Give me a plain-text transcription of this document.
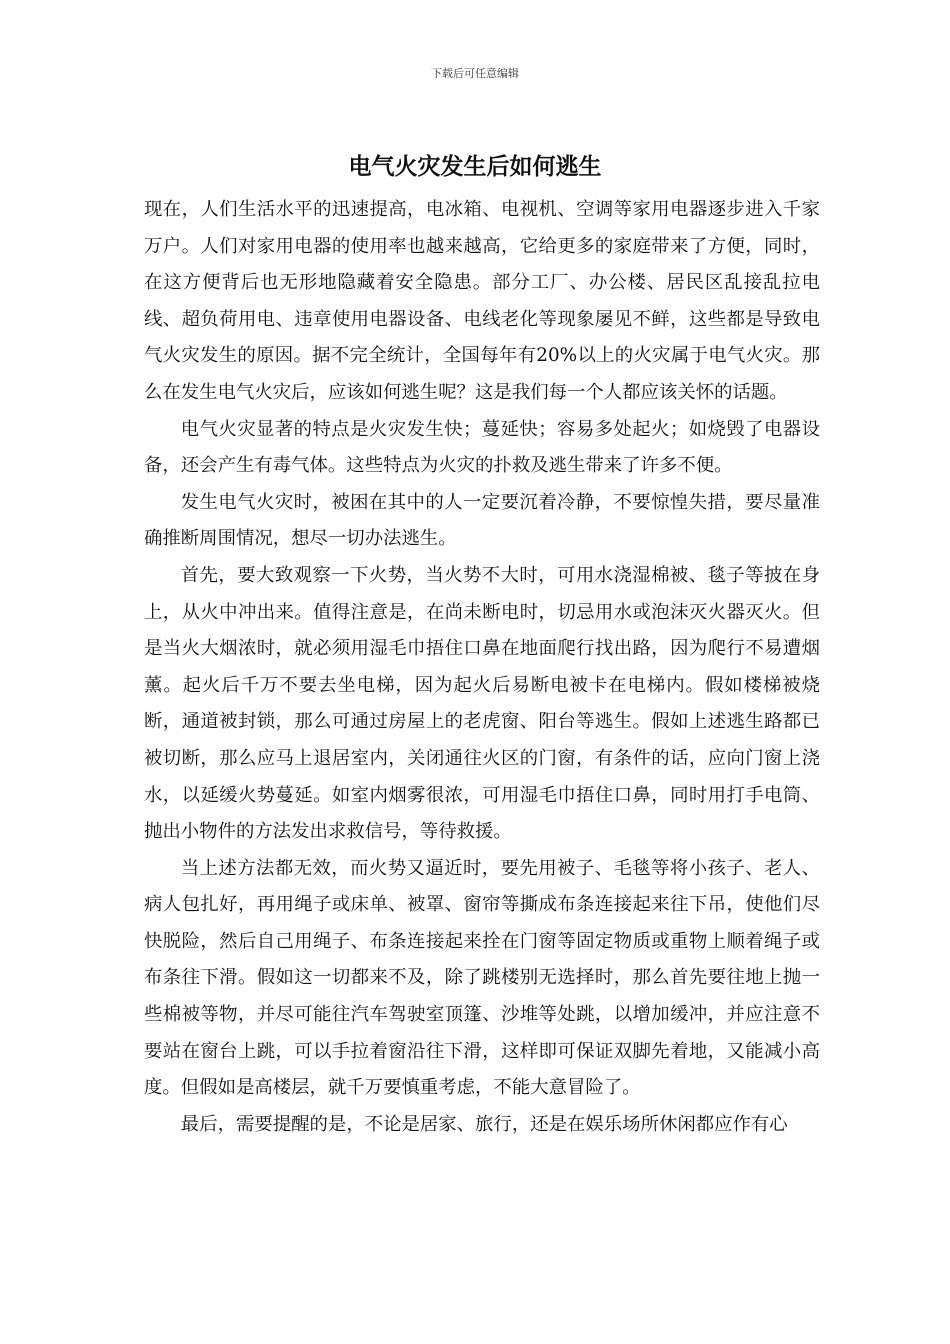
下载后可任意编辑
电气火灾发生后如何逃生

现在，人们生活水平的迅速提高，电冰箱、电视机、空调等家用电器逐步进入千家万户。人们对家用电器的使用率也越来越高，它给更多的家庭带来了方便，同时，在这方便背后也无形地隐藏着安全隐患。部分工厂、办公楼、居民区乱接乱拉电线、超负荷用电、违章使用电器设备、电线老化等现象屡见不鲜，这些都是导致电气火灾发生的原因。据不完全统计，全国每年有20%以上的火灾属于电气火灾。那么在发生电气火灾后，应该如何逃生呢？这是我们每一个人都应该关怀的话题。

电气火灾显著的特点是火灾发生快；蔓延快；容易多处起火；如烧毁了电器设备，还会产生有毒气体。这些特点为火灾的扑救及逃生带来了许多不便。

发生电气火灾时，被困在其中的人一定要沉着冷静，不要惊惶失措，要尽量准确推断周围情况，想尽一切办法逃生。

首先，要大致观察一下火势，当火势不大时，可用水浇湿棉被、毯子等披在身上，从火中冲出来。值得注意是，在尚未断电时，切忌用水或泡沫灭火器灭火。但是当火大烟浓时，就必须用湿毛巾捂住口鼻在地面爬行找出路，因为爬行不易遭烟薰。起火后千万不要去坐电梯，因为起火后易断电被卡在电梯内。假如楼梯被烧断，通道被封锁，那么可通过房屋上的老虎窗、阳台等逃生。假如上述逃生路都已被切断，那么应马上退居室内，关闭通往火区的门窗，有条件的话，应向门窗上浇水，以延缓火势蔓延。如室内烟雾很浓，可用湿毛巾捂住口鼻，同时用打手电筒、抛出小物件的方法发出求救信号，等待救援。

当上述方法都无效，而火势又逼近时，要先用被子、毛毯等将小孩子、老人、病人包扎好，再用绳子或床单、被罩、窗帘等撕成布条连接起来往下吊，使他们尽快脱险，然后自己用绳子、布条连接起来拴在门窗等固定物质或重物上顺着绳子或布条往下滑。假如这一切都来不及，除了跳楼别无选择时，那么首先要往地上抛一些棉被等物，并尽可能往汽车驾驶室顶篷、沙堆等处跳，以增加缓冲，并应注意不要站在窗台上跳，可以手拉着窗沿往下滑，这样即可保证双脚先着地，又能减小高度。但假如是高楼层，就千万要慎重考虑，不能大意冒险了。

最后，需要提醒的是，不论是居家、旅行，还是在娱乐场所休闲都应作有心
